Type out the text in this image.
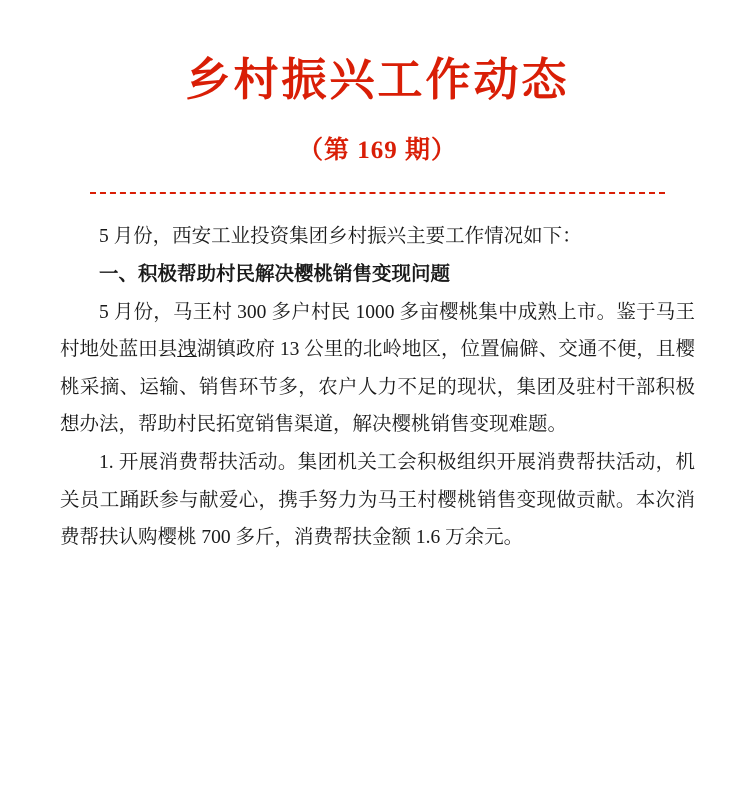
乡村振兴工作动态
（第 169 期）

5 月份，西安工业投资集团乡村振兴主要工作情况如下：

一、积极帮助村民解决樱桃销售变现问题

5 月份，马王村 300 多户村民 1000 多亩樱桃集中成熟上市。鉴于马王村地处蓝田县洩湖镇政府 13 公里的北岭地区，位置偏僻、交通不便，且樱桃采摘、运输、销售环节多，农户人力不足的现状，集团及驻村干部积极想办法，帮助村民拓宽销售渠道，解决樱桃销售变现难题。

1. 开展消费帮扶活动。集团机关工会积极组织开展消费帮扶活动，机关员工踊跃参与献爱心，携手努力为马王村樱桃销售变现做贡献。本次消费帮扶认购樱桃 700 多斤，消费帮扶金额 1.6 万余元。
